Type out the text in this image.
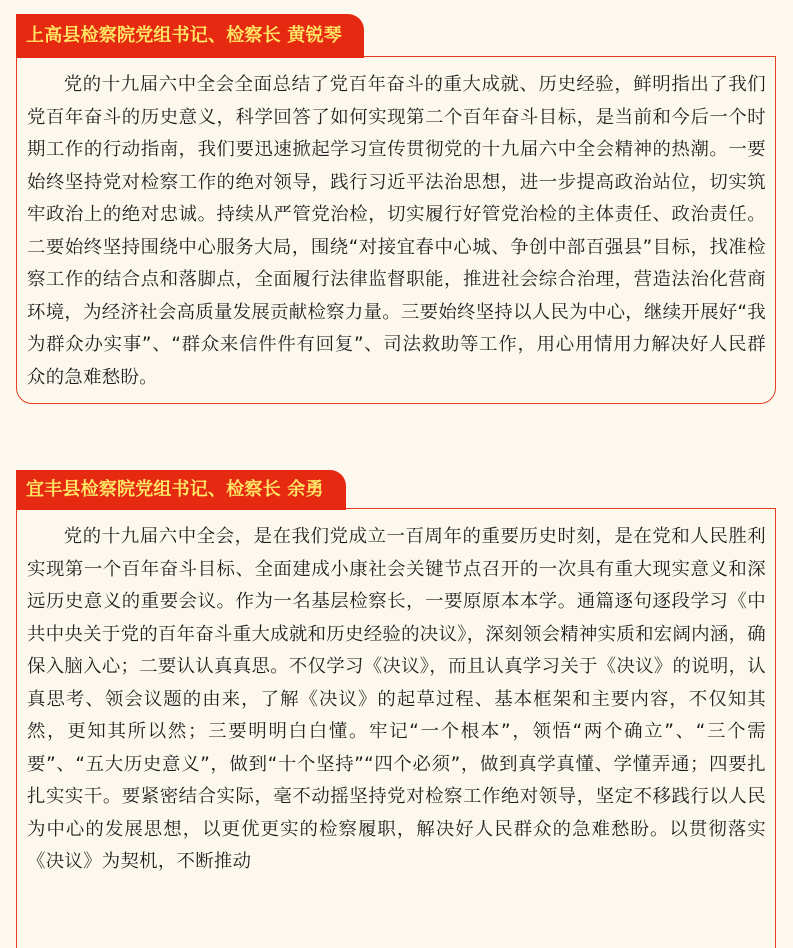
上高县检察院党组书记、检察长 黄锐琴

党的十九届六中全会全面总结了党百年奋斗的重大成就、历史经验，鲜明指出了我们党百年奋斗的历史意义，科学回答了如何实现第二个百年奋斗目标，是当前和今后一个时期工作的行动指南，我们要迅速掀起学习宣传贯彻党的十九届六中全会精神的热潮。一要始终坚持党对检察工作的绝对领导，践行习近平法治思想，进一步提高政治站位，切实筑牢政治上的绝对忠诚。持续从严管党治检，切实履行好管党治检的主体责任、政治责任。二要始终坚持围绕中心服务大局，围绕“对接宜春中心城、争创中部百强县”目标，找准检察工作的结合点和落脚点，全面履行法律监督职能，推进社会综合治理，营造法治化营商环境，为经济社会高质量发展贡献检察力量。三要始终坚持以人民为中心，继续开展好“我为群众办实事”、“群众来信件件有回复”、司法救助等工作，用心用情用力解决好人民群众的急难愁盼。

宜丰县检察院党组书记、检察长 余勇

党的十九届六中全会，是在我们党成立一百周年的重要历史时刻，是在党和人民胜利实现第一个百年奋斗目标、全面建成小康社会关键节点召开的一次具有重大现实意义和深远历史意义的重要会议。作为一名基层检察长，一要原原本本学。通篇逐句逐段学习《中共中央关于党的百年奋斗重大成就和历史经验的决议》，深刻领会精神实质和宏阔内涵，确保入脑入心；二要认认真真思。不仅学习《决议》，而且认真学习关于《决议》的说明，认真思考、领会议题的由来，了解《决议》的起草过程、基本框架和主要内容，不仅知其然，更知其所以然；三要明明白白懂。牢记“一个根本”，领悟“两个确立”、“三个需要”、“五大历史意义”，做到“十个坚持”“四个必须”，做到真学真懂、学懂弄通；四要扎扎实实干。要紧密结合实际，毫不动摇坚持党对检察工作绝对领导，坚定不移践行以人民为中心的发展思想，以更优更实的检察履职，解决好人民群众的急难愁盼。以贯彻落实《决议》为契机，不断推动
